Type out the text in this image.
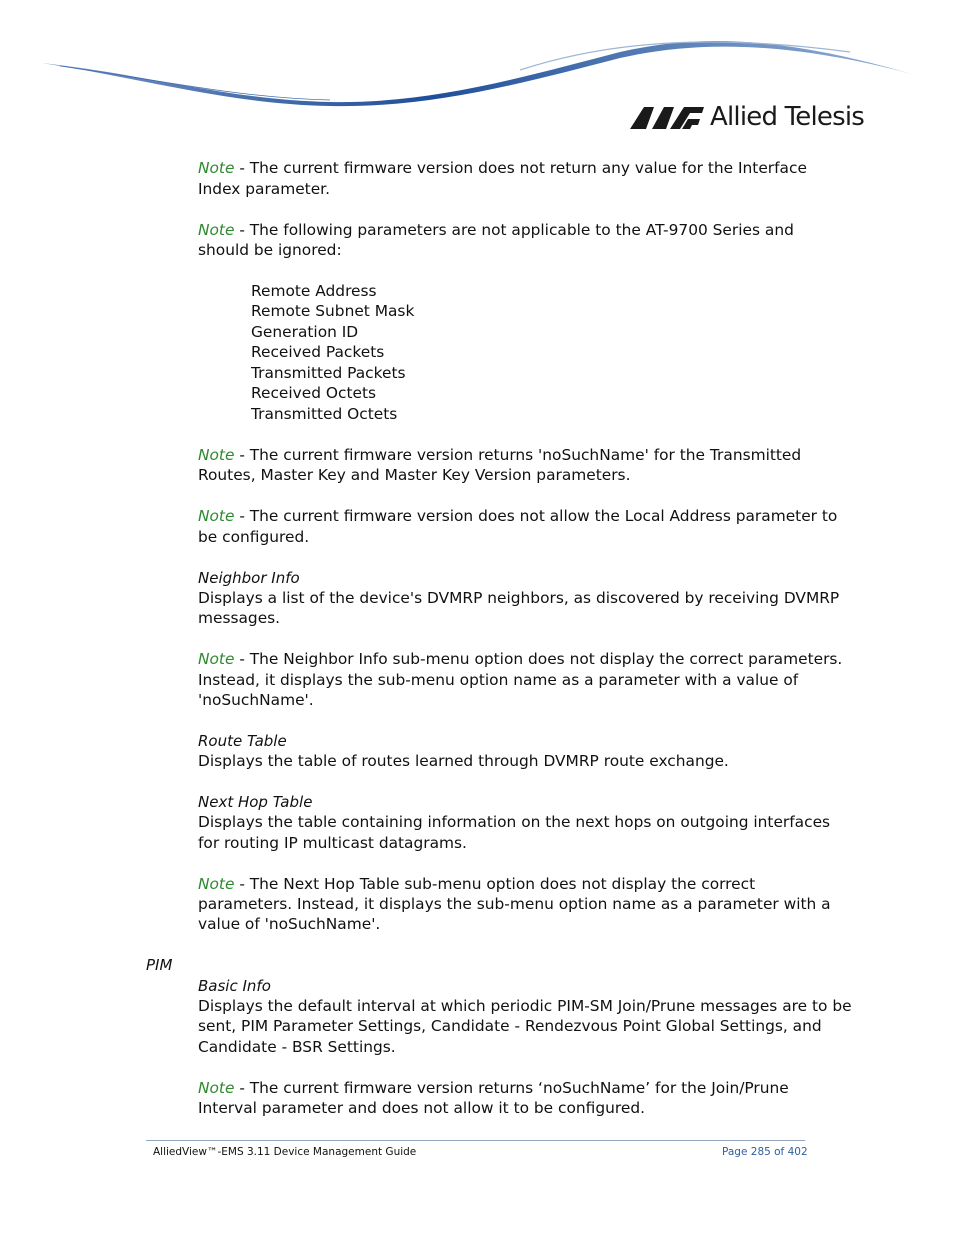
Allied Telesis
Note - The current firmware version does not return any value for the Interface
Index parameter.
Note - The following parameters are not applicable to the AT-9700 Series and
should be ignored:
Remote Address
Remote Subnet Mask
Generation ID
Received Packets
Transmitted Packets
Received Octets
Transmitted Octets
Note - The current firmware version returns 'noSuchName' for the Transmitted
Routes, Master Key and Master Key Version parameters.
Note - The current firmware version does not allow the Local Address parameter to
be configured.
Neighbor Info
Displays a list of the device's DVMRP neighbors, as discovered by receiving DVMRP
messages.
Note - The Neighbor Info sub-menu option does not display the correct parameters.
Instead, it displays the sub-menu option name as a parameter with a value of
'noSuchName'.
Route Table
Displays the table of routes learned through DVMRP route exchange.
Next Hop Table
Displays the table containing information on the next hops on outgoing interfaces
for routing IP multicast datagrams.
Note - The Next Hop Table sub-menu option does not display the correct
parameters. Instead, it displays the sub-menu option name as a parameter with a
value of 'noSuchName'.
PIM
Basic Info
Displays the default interval at which periodic PIM-SM Join/Prune messages are to be
sent, PIM Parameter Settings, Candidate - Rendezvous Point Global Settings, and
Candidate - BSR Settings.
Note - The current firmware version returns ‘noSuchName’ for the Join/Prune
Interval parameter and does not allow it to be configured.
AlliedView™-EMS 3.11 Device Management Guide	Page 285 of 402
